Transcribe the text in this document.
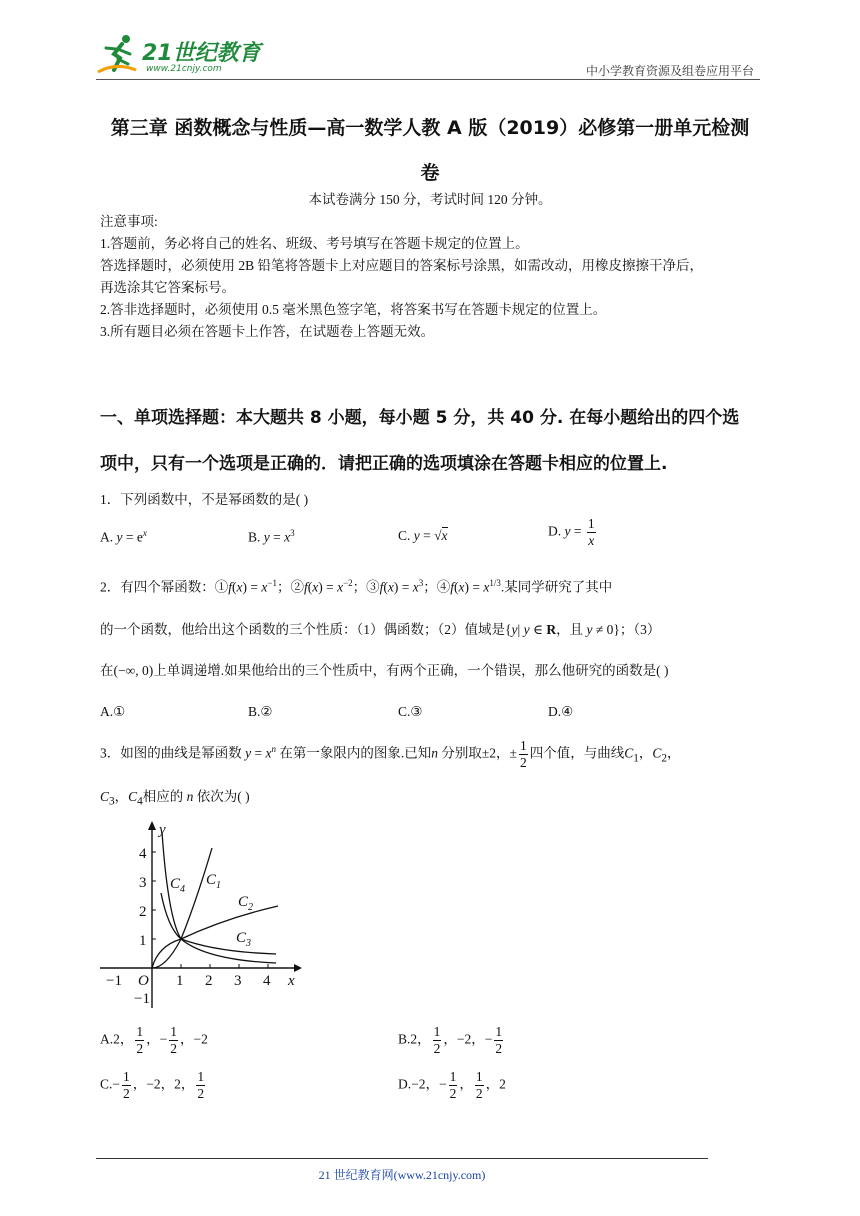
21世纪教育
www.21cnjy.com	中小学教育资源及组卷应用平台
第三章 函数概念与性质—高一数学人教 A 版（2019）必修第一册单元检测
卷
本试卷满分 150 分，考试时间 120 分钟。
注意事项:
1.答题前，务必将自己的姓名、班级、考号填写在答题卡规定的位置上。
答选择题时，必须使用 2B 铅笔将答题卡上对应题目的答案标号涂黑，如需改动，用橡皮擦擦干净后，
再选涂其它答案标号。
2.答非选择题时，必须使用 0.5 毫米黑色签字笔，将答案书写在答题卡规定的位置上。
3.所有题目必须在答题卡上作答，在试题卷上答题无效。
一、单项选择题：本大题共 8 小题，每小题 5 分，共 40 分. 在每小题给出的四个选
项中，只有一个选项是正确的．请把正确的选项填涂在答题卡相应的位置上.
1．下列函数中，不是幂函数的是( )
A. $y = e^x$	B. $y = x^3$	C. y = √x	D. $y = \frac{1}{x}$
2．有四个幂函数：①f(x) = $x^{-1}$；②f(x) = $x^{-2}$；③f(x) = $x^3$；④f(x) = $x^{1/3}$.某同学研究了其中
的一个函数，他给出这个函数的三个性质：（1）偶函数；（2）值域是{y| y ∈ R，且 y ≠ 0}；（3）
在(−∞, 0)上单调递增.如果他给出的三个性质中，有两个正确，一个错误，那么他研究的函数是( )
A.①	B.②	C.③	D.④
3．如图的曲线是幂函数 $y = x^n$ 在第一象限内的图象.已知n 分别取±2，± $\frac{1}{2}$ 四个值，与曲线$C_1$，$C_2$，
$C_3$，$C_4$相应的 n 依次为( )
y
x
−1 O 1 2 3 4
4
3
2
1
−1
$C_1$
$C_2$
$C_3$
$C_4$
A.2， $\frac{1}{2}$ ，− $\frac{1}{2}$ ，−2	B.2， $\frac{1}{2}$ ，−2，− $\frac{1}{2}$
$C.- \frac{1}{2}$ ，−2，2， $\frac{1}{2}$	D.−2，− $\frac{1}{2}$ ， $\frac{1}{2}$ ，2
21 世纪教育网(www.21cnjy.com)
